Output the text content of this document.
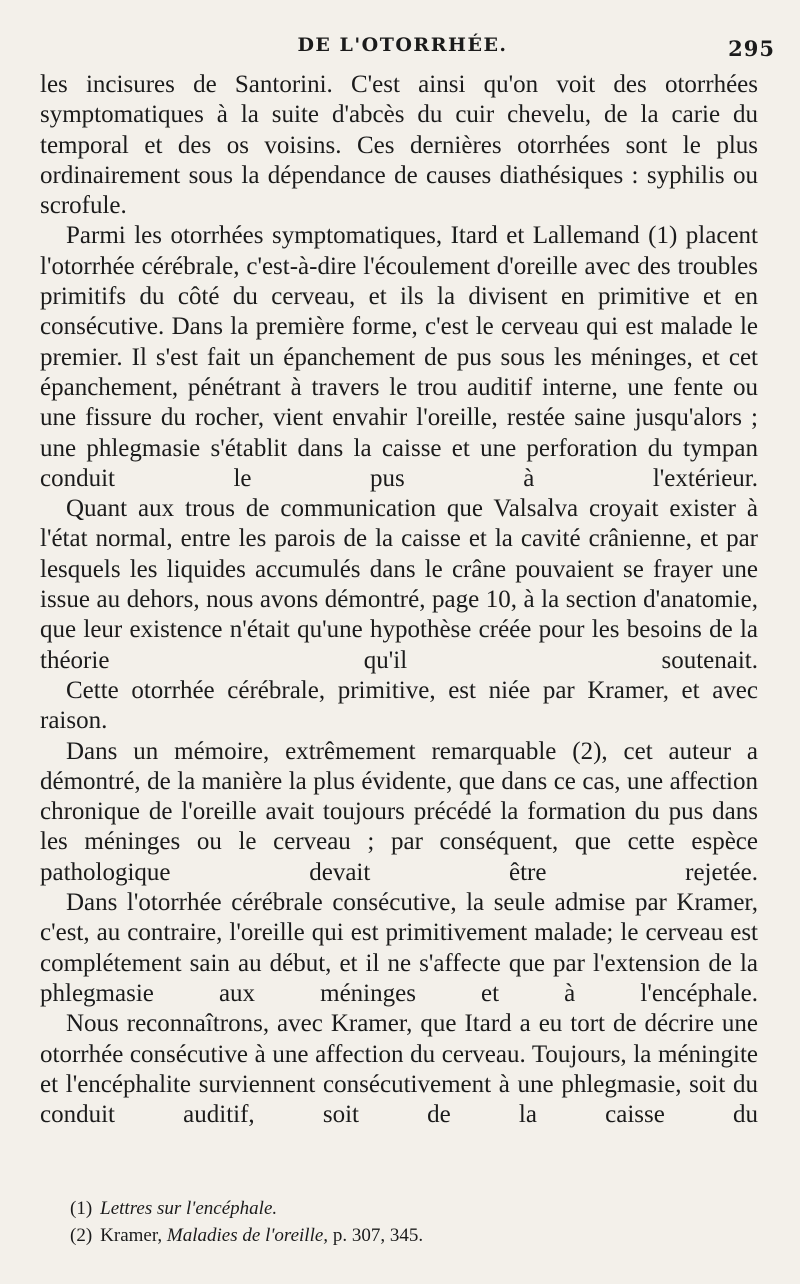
DE L'OTORRHÉE.	295

les incisures de Santorini. C'est ainsi qu'on voit des otorrhées symptomatiques à la suite d'abcès du cuir chevelu, de la carie du temporal et des os voisins. Ces dernières otorrhées sont le plus ordinairement sous la dépendance de causes diathésiques : syphilis ou scrofule.

Parmi les otorrhées symptomatiques, Itard et Lallemand (1) placent l'otorrhée cérébrale, c'est-à-dire l'écoulement d'oreille avec des troubles primitifs du côté du cerveau, et ils la divisent en primitive et en consécutive. Dans la première forme, c'est le cerveau qui est malade le premier. Il s'est fait un épanchement de pus sous les méninges, et cet épanchement, pénétrant à travers le trou auditif interne, une fente ou une fissure du rocher, vient envahir l'oreille, restée saine jusqu'alors ; une phlegmasie s'établit dans la caisse et une perforation du tympan conduit le pus à l'extérieur.

Quant aux trous de communication que Valsalva croyait exister à l'état normal, entre les parois de la caisse et la cavité crânienne, et par lesquels les liquides accumulés dans le crâne pouvaient se frayer une issue au dehors, nous avons démontré, page 10, à la section d'anatomie, que leur existence n'était qu'une hypothèse créée pour les besoins de la théorie qu'il soutenait.

Cette otorrhée cérébrale, primitive, est niée par Kramer, et avec raison.

Dans un mémoire, extrêmement remarquable (2), cet auteur a démontré, de la manière la plus évidente, que dans ce cas, une affection chronique de l'oreille avait toujours précédé la formation du pus dans les méninges ou le cerveau ; par conséquent, que cette espèce pathologique devait être rejetée.

Dans l'otorrhée cérébrale consécutive, la seule admise par Kramer, c'est, au contraire, l'oreille qui est primitivement malade; le cerveau est complétement sain au début, et il ne s'affecte que par l'extension de la phlegmasie aux méninges et à l'encéphale.

Nous reconnaîtrons, avec Kramer, que Itard a eu tort de décrire une otorrhée consécutive à une affection du cerveau. Toujours, la méningite et l'encéphalite surviennent consécutivement à une phlegmasie, soit du conduit auditif, soit de la caisse du

(1) Lettres sur l'encéphale.

(2) Kramer, Maladies de l'oreille, p. 307, 345.
